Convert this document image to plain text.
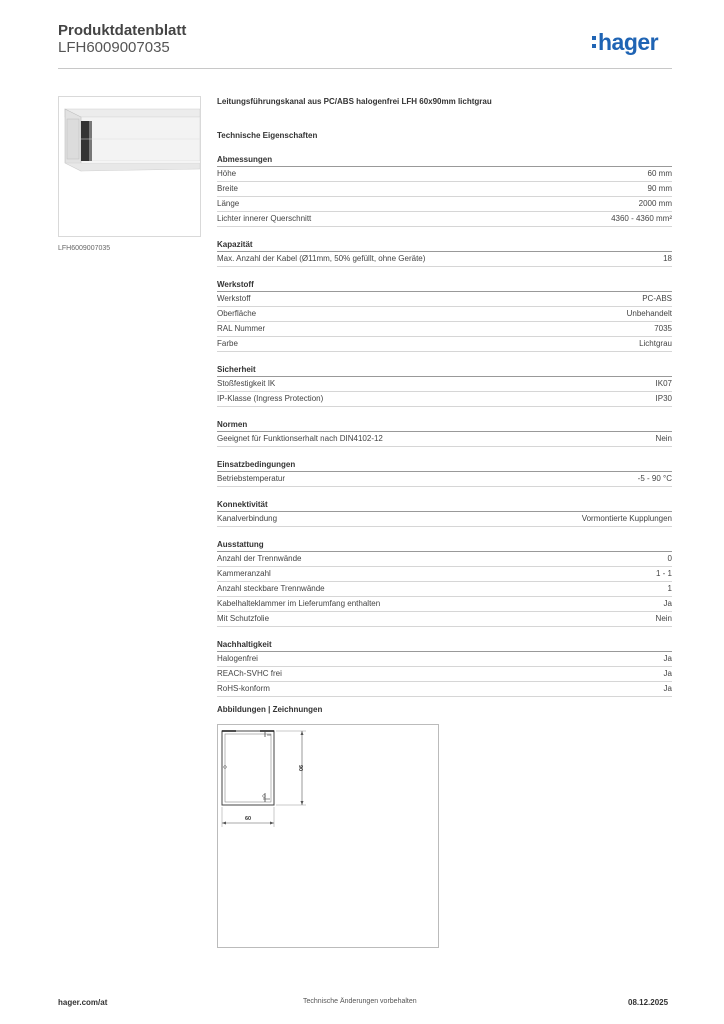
Produktdatenblatt
LFH6009007035	hager
LFH6009007035
Leitungsführungskanal aus PC/ABS halogenfrei LFH 60x90mm lichtgrau
Technische Eigenschaften
Abmessungen
Höhe	60 mm
Breite	90 mm
Länge	2000 mm
Lichter innerer Querschnitt	4360 - 4360 mm²
Kapazität
Max. Anzahl der Kabel (Ø11mm, 50% gefüllt, ohne Geräte)	18
Werkstoff
Werkstoff	PC-ABS
Oberfläche	Unbehandelt
RAL Nummer	7035
Farbe	Lichtgrau
Sicherheit
Stoßfestigkeit IK	IK07
IP-Klasse (Ingress Protection)	IP30
Normen
Geeignet für Funktionserhalt nach DIN4102-12	Nein
Einsatzbedingungen
Betriebstemperatur	-5 - 90 °C
Konnektivität
Kanalverbindung	Vormontierte Kupplungen
Ausstattung
Anzahl der Trennwände	0
Kammeranzahl	1 - 1
Anzahl steckbare Trennwände	1
Kabelhalteklammer im Lieferumfang enthalten	Ja
Mit Schutzfolie	Nein
Nachhaltigkeit
Halogenfrei	Ja
REACh-SVHC frei	Ja
RoHS-konform	Ja
Abbildungen | Zeichnungen
60
90
hager.com/at	Technische Änderungen vorbehalten	08.12.2025
